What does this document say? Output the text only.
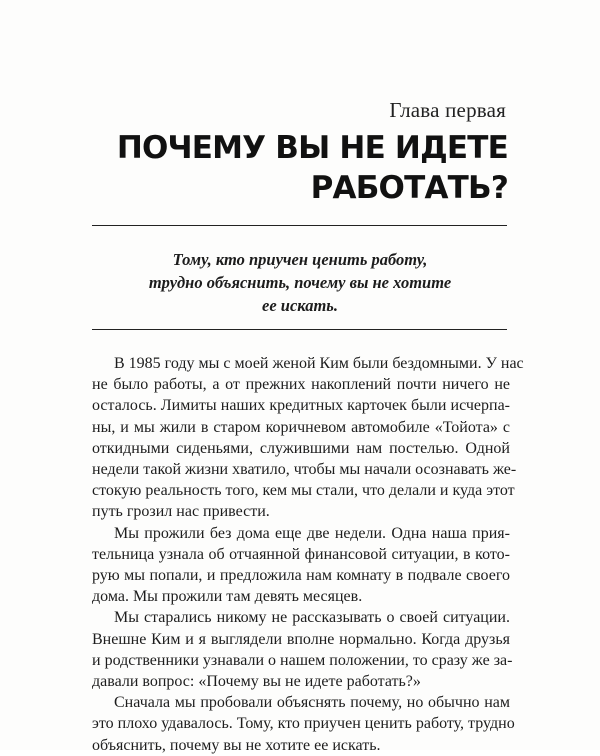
Глава первая
ПОЧЕМУ ВЫ НЕ ИДЕТЕ
РАБОТАТЬ?
Тому, кто приучен ценить работу,
трудно объяснить, почему вы не хотите
ее искать.
В 1985 году мы с моей женой Ким были бездомными. У нас
не было работы, а от прежних накоплений почти ничего не
осталось. Лимиты наших кредитных карточек были исчерпа-
ны, и мы жили в старом коричневом автомобиле «Тойота» с
откидными сиденьями, служившими нам постелью. Одной
недели такой жизни хватило, чтобы мы начали осознавать же-
стокую реальность того, кем мы стали, что делали и куда этот
путь грозил нас привести.
Мы прожили без дома еще две недели. Одна наша прия-
тельница узнала об отчаянной финансовой ситуации, в кото-
рую мы попали, и предложила нам комнату в подвале своего
дома. Мы прожили там девять месяцев.
Мы старались никому не рассказывать о своей ситуации.
Внешне Ким и я выглядели вполне нормально. Когда друзья
и родственники узнавали о нашем положении, то сразу же за-
давали вопрос: «Почему вы не идете работать?»
Сначала мы пробовали объяснять почему, но обычно нам
это плохо удавалось. Тому, кто приучен ценить работу, трудно
объяснить, почему вы не хотите ее искать.
